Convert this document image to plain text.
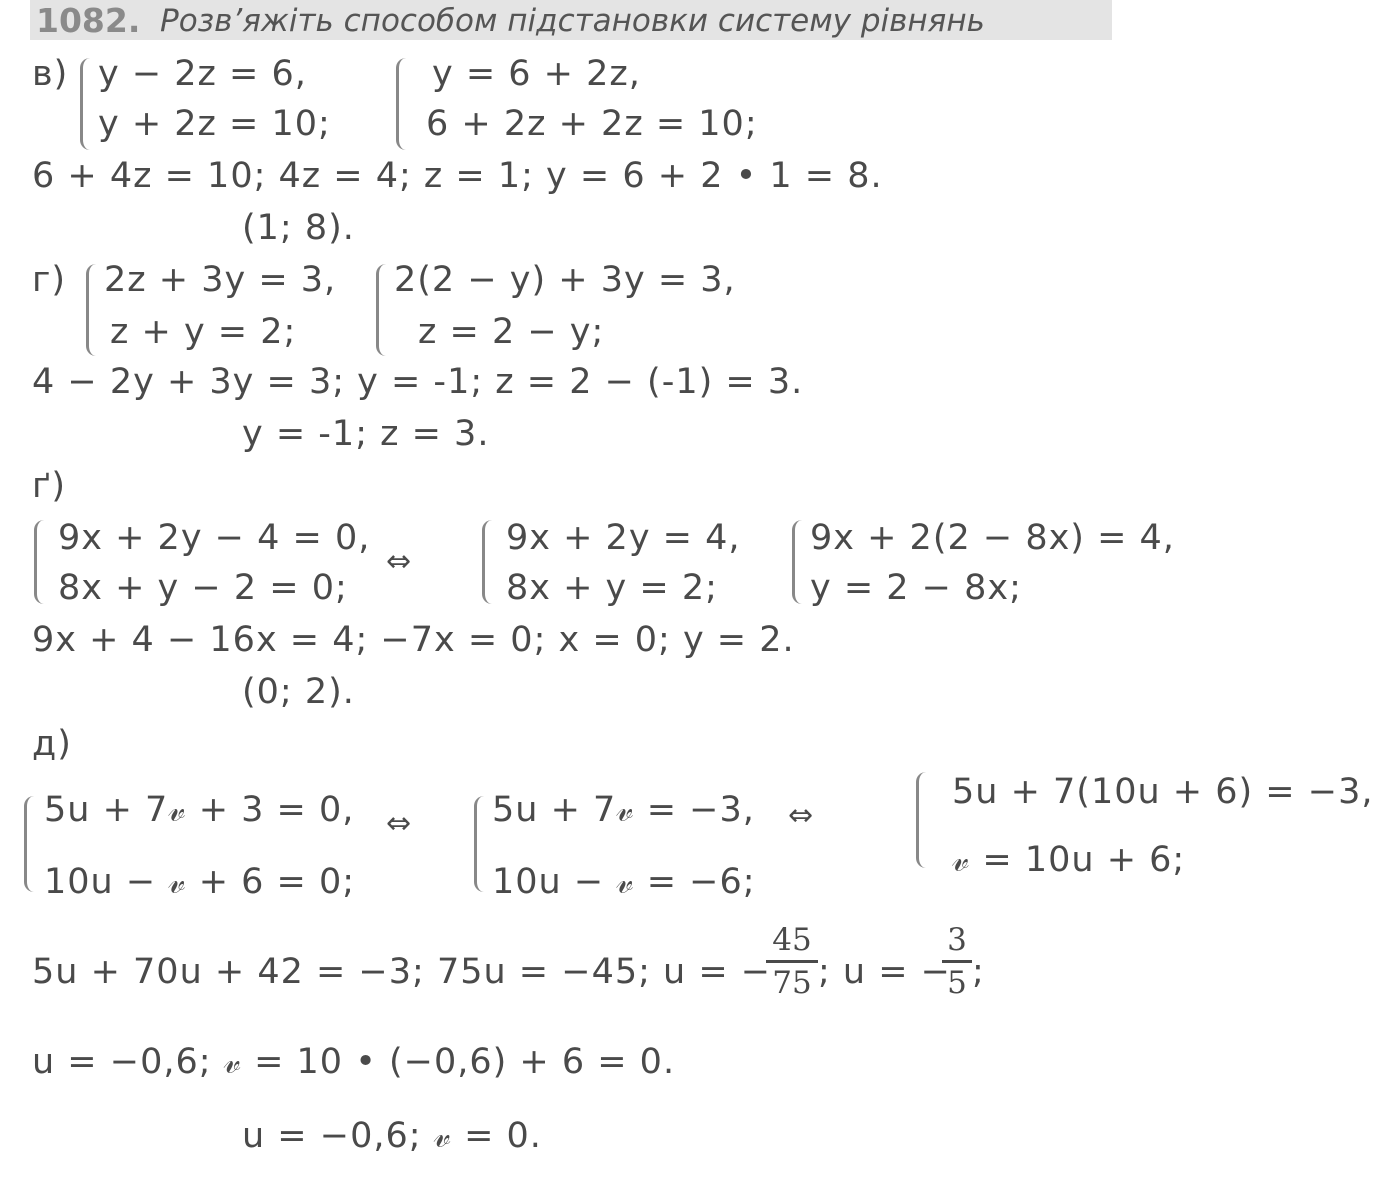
1082. Розв’яжіть способом підстановки систему рівнянь
в) y − 2z = 6,
y + 2z = 10;
y = 6 + 2z,
6 + 2z + 2z = 10;
6 + 4z = 10; 4z = 4; z = 1; y = 6 + 2 • 1 = 8.
(1; 8).
г) 2z + 3y = 3,
z + y = 2;
2(2 − y) + 3y = 3,
z = 2 − y;
4 − 2y + 3y = 3; y = -1; z = 2 − (-1) = 3.
y = -1; z = 3.
ґ)
9x + 2y − 4 = 0,
8x + y − 2 = 0;
⇔
9x + 2y = 4,
8x + y = 2;
9x + 2(2 − 8x) = 4,
y = 2 − 8x;
9x + 4 − 16x = 4; −7x = 0; x = 0; y = 2.
(0; 2).
д)
5u + 7𝓋 + 3 = 0,
10u − 𝓋 + 6 = 0;
⇔ 5u + 7𝓋 = −3,
10u − 𝓋 = −6;
⇔
5u + 7(10u + 6) = −3,
𝓋 = 10u + 6;
5u + 70u + 42 = −3; 75u = −45; u = −
45
75 ; u = −
3
5 ;
u = −0,6; 𝓋 = 10 • (−0,6) + 6 = 0.
u = −0,6; 𝓋 = 0.
